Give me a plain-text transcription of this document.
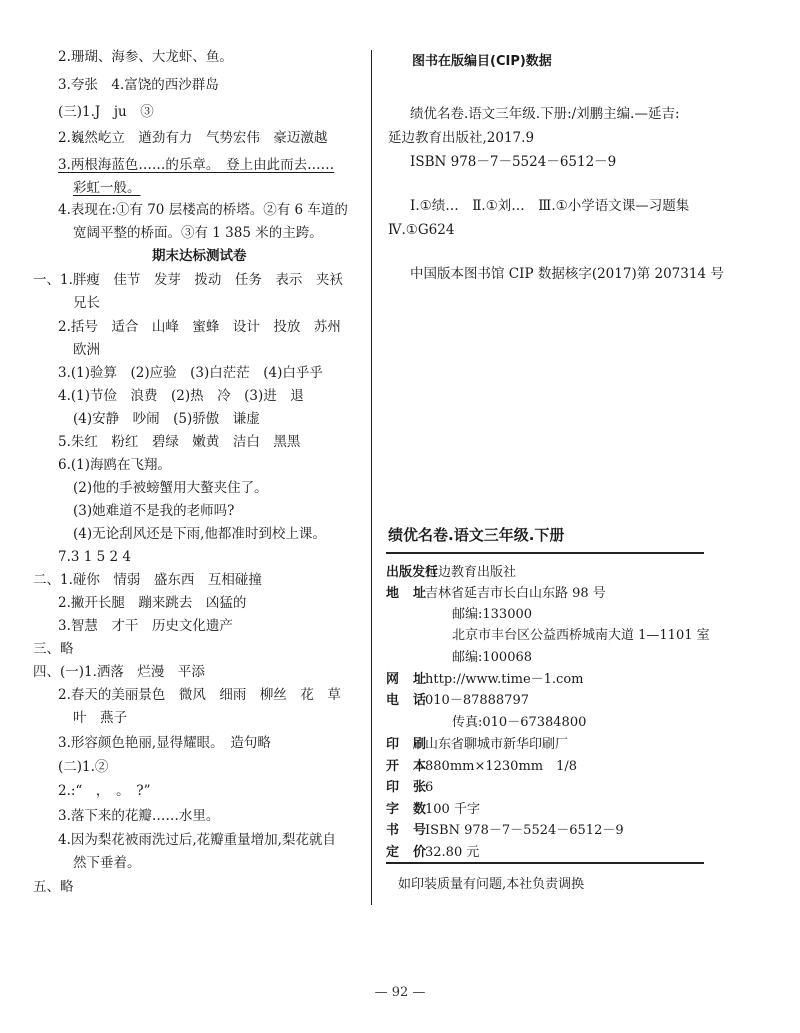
2.珊瑚、海参、大龙虾、鱼。
3.夸张　4.富饶的西沙群岛
(三)1.J　ju　③
2.巍然屹立　遒劲有力　气势宏伟　豪迈激越
3.两根海蓝色……的乐章。　登上由此而去……
彩虹一般。
4.表现在:①有 70 层楼高的桥塔。②有 6 车道的
宽阔平整的桥面。③有 1 385 米的主跨。
期末达标测试卷
一、1.胖瘦　佳节　发芽　拨动　任务　表示　夹袄
兄长
2.括号　适合　山峰　蜜蜂　设计　投放　苏州
欧洲
3.(1)验算　(2)应验　(3)白茫茫　(4)白乎乎
4.(1)节俭　浪费　(2)热　冷　(3)进　退
(4)安静　吵闹　(5)骄傲　谦虚
5.朱红　粉红　碧绿　嫩黄　洁白　黑黑
6.(1)海鸥在飞翔。
(2)他的手被螃蟹用大螯夹住了。
(3)她难道不是我的老师吗?
(4)无论刮风还是下雨,他都准时到校上课。
7.3 1 5 2 4
二、1.碰你　情弱　盛东西　互相碰撞
2.撇开长腿　蹦来跳去　凶猛的
3.智慧　才干　历史文化遗产
三、略
四、(一)1.洒落　烂漫　平添
2.春天的美丽景色　微风　细雨　柳丝　花　草
叶　燕子
3.形容颜色艳丽,显得耀眼。　造句略
(二)1.②
2.:“　，　。　?”
3.落下来的花瓣……水里。
4.因为梨花被雨洗过后,花瓣重量增加,梨花就自
然下垂着。
五、略
图书在版编目(CIP)数据
绩优名卷.语文三年级.下册:/刘鹏主编.—延吉:
延边教育出版社,2017.9
ISBN 978－7－5524－6512－9
Ⅰ.①绩…　Ⅱ.①刘…　Ⅲ.①小学语文课—习题集
Ⅳ.①G624
中国版本图书馆 CIP 数据核字(2017)第 207314 号
绩优名卷.语文三年级.下册
出版发行
延边教育出版社
地 址 吉林省延吉市长白山东路 98 号
邮编:133000
北京市丰台区公益西桥城南大道 1—1101 室
邮编:100068
网 址 http://www.time－1.com
电 话 010－87888797
传真:010－67384800
印 刷 山东省聊城市新华印刷厂
开 本 880mm×1230mm　1/8
印 张 6
字 数 100 千字
书 号 ISBN 978－7－5524－6512－9
定 价 32.80 元
如印装质量有问题,本社负责调换
— 92 —
